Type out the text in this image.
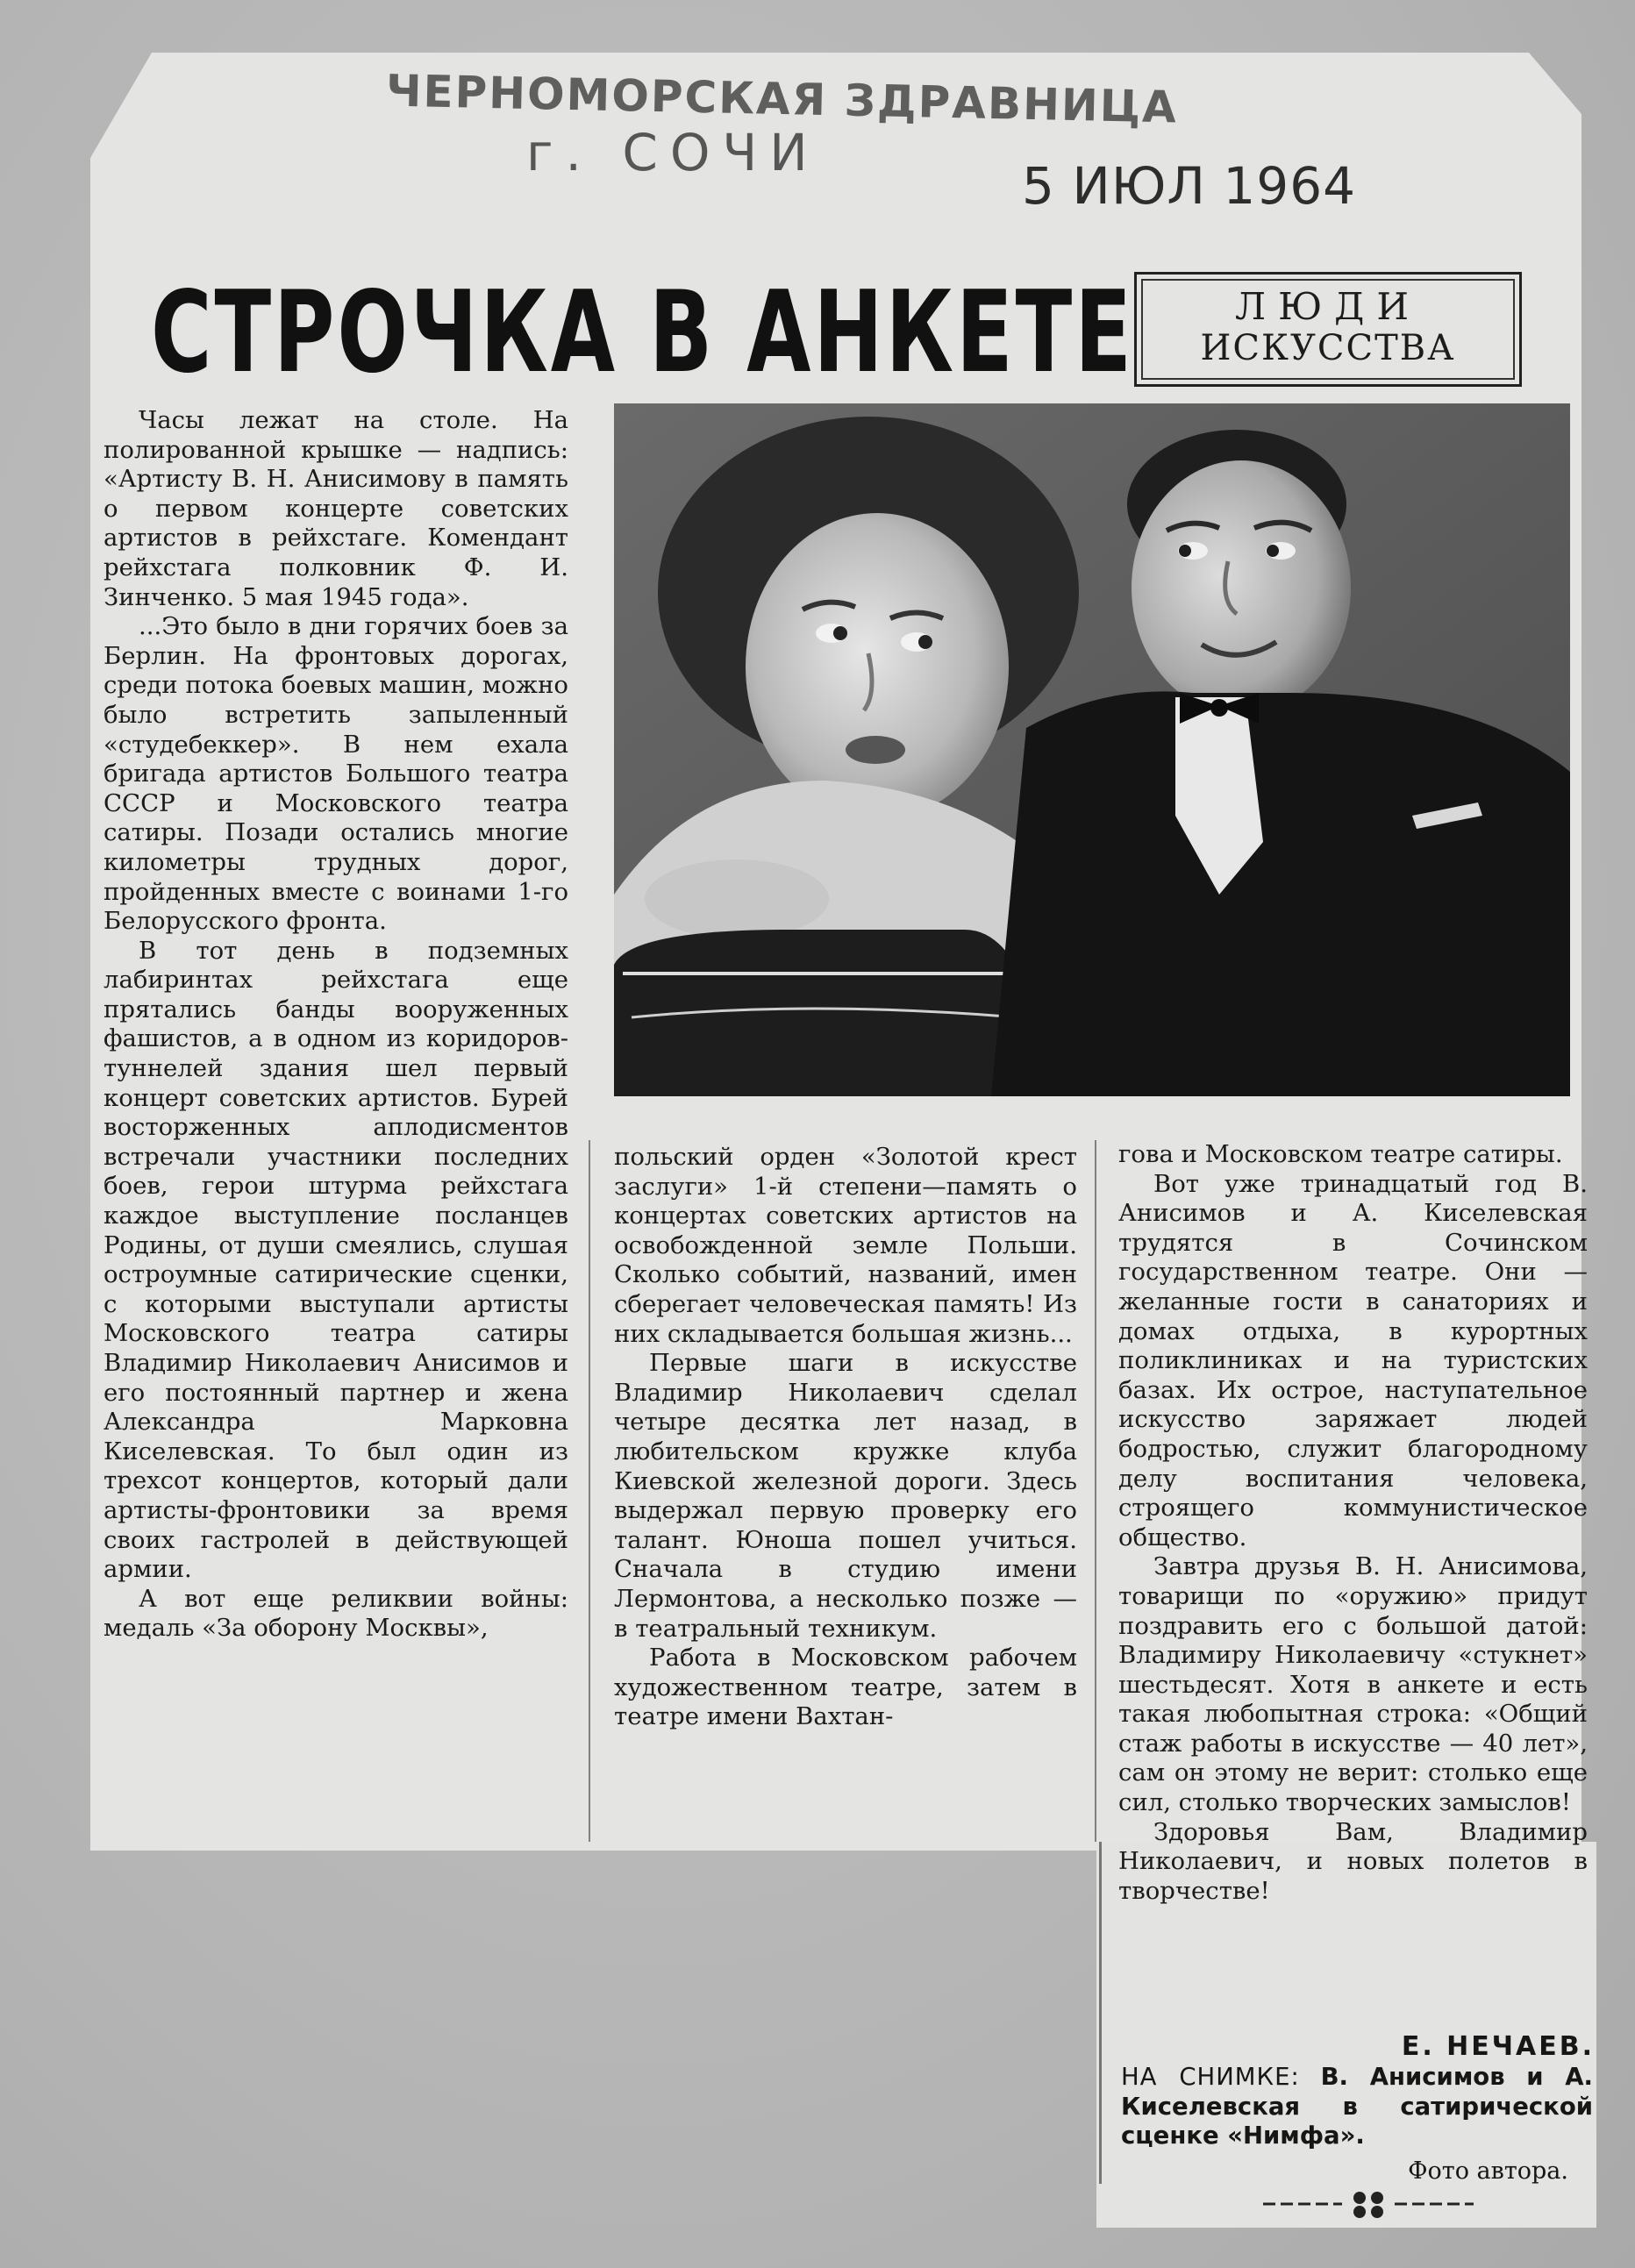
ЧЕРНОМОРСКАЯ ЗДРАВНИЦА
г. СОЧИ
5 ИЮЛ 1964
СТРОЧКА В АНКЕТЕ	ЛЮДИ
ИСКУССТВА

Часы лежат на столе. На полированной крышке — надпись: «Артисту В. Н. Анисимову в память о первом концерте советских артистов в рейхстаге. Комендант рейхстага полковник Ф. И. Зинченко. 5 мая 1945 года».

...Это было в дни горячих боев за Берлин. На фронтовых дорогах, среди потока боевых машин, можно было встретить запыленный «студебеккер». В нем ехала бригада артистов Большого театра СССР и Московского театра сатиры. Позади остались многие километры трудных дорог, пройденных вместе с воинами 1-го Белорусского фронта.

В тот день в подземных лабиринтах рейхстага еще прятались банды вооруженных фашистов, а в одном из коридоров-туннелей здания шел первый концерт советских артистов. Бурей восторженных аплодисментов встречали участники последних боев, герои штурма рейхстага каждое выступление посланцев Родины, от души смеялись, слушая остроумные сатирические сценки, с которыми выступали артисты Московского театра сатиры Владимир Николаевич Анисимов и его постоянный партнер и жена Александра Марковна Киселевская. То был один из трехсот концертов, который дали артисты-фронтовики за время своих гастролей в действующей армии.

А вот еще реликвии войны: медаль «За оборону Москвы»,

польский орден «Золотой крест заслуги» 1-й степени—память о концертах советских артистов на освобожденной земле Польши. Сколько событий, названий, имен сберегает человеческая память! Из них складывается большая жизнь...

Первые шаги в искусстве Владимир Николаевич сделал четыре десятка лет назад, в любительском кружке клуба Киевской железной дороги. Здесь выдержал первую проверку его талант. Юноша пошел учиться. Сначала в студию имени Лермонтова, а несколько позже — в театральный техникум.

Работа в Московском рабочем художественном театре, затем в театре имени Вахтан-

гова и Московском театре сатиры.

Вот уже тринадцатый год В. Анисимов и А. Киселевская трудятся в Сочинском государственном театре. Они — желанные гости в санаториях и домах отдыха, в курортных поликлиниках и на туристских базах. Их острое, наступательное искусство заряжает людей бодростью, служит благородному делу воспитания человека, строящего коммунистическое общество.

Завтра друзья В. Н. Анисимова, товарищи по «оружию» придут поздравить его с большой датой: Владимиру Николаевичу «стукнет» шестьдесят. Хотя в анкете и есть такая любопытная строка: «Общий стаж работы в искусстве — 40 лет», сам он этому не верит: столько еще сил, столько творческих замыслов!

Здоровья Вам, Владимир Николаевич, и новых полетов в творчестве!

Е. НЕЧАЕВ.
НА СНИМКЕ: В. Анисимов и А. Киселевская в сатирической сценке «Нимфа».
Фото автора.
